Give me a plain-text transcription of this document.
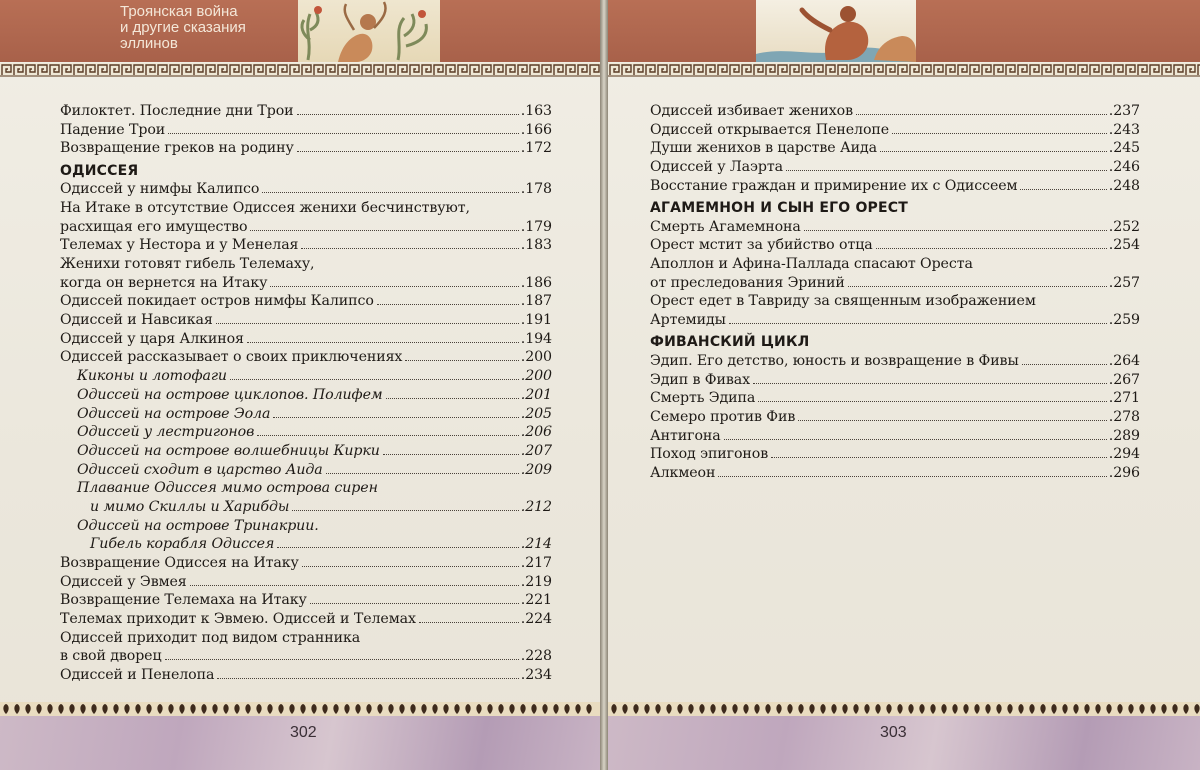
Троянская война
и другие сказания
эллинов

Филоктет. Последние дни Трои	.163
Падение Трои	.166
Возвращение греков на родину	.172
ОДИССЕЯ
Одиссей у нимфы Калипсо	.178
На Итаке в отсутствие Одиссея женихи бесчинствуют,
расхищая его имущество	.179
Телемах у Нестора и у Менелая	.183
Женихи готовят гибель Телемаху,
когда он вернется на Итаку	.186
Одиссей покидает остров нимфы Калипсо	.187
Одиссей и Навсикая	.191
Одиссей у царя Алкиноя	.194
Одиссей рассказывает о своих приключениях	.200
Киконы и лотофаги	.200
Одиссей на острове циклопов. Полифем	.201
Одиссей на острове Эола	.205
Одиссей у лестригонов	.206
Одиссей на острове волшебницы Кирки	.207
Одиссей сходит в царство Аида	.209
Плавание Одиссея мимо острова сирен
и мимо Скиллы и Харибды	.212
Одиссей на острове Тринакрии.
Гибель корабля Одиссея	.214
Возвращение Одиссея на Итаку	.217
Одиссей у Эвмея	.219
Возвращение Телемаха на Итаку	.221
Телемах приходит к Эвмею. Одиссей и Телемах	.224
Одиссей приходит под видом странника
в свой дворец	.228
Одиссей и Пенелопа	.234
302
Одиссей избивает женихов	.237
Одиссей открывается Пенелопе	.243
Души женихов в царстве Аида	.245
Одиссей у Лаэрта	.246
Восстание граждан и примирение их с Одиссеем	.248
АГАМЕМНОН И СЫН ЕГО ОРЕСТ
Смерть Агамемнона	.252
Орест мстит за убийство отца	.254
Аполлон и Афина-Паллада спасают Ореста
от преследования Эриний	.257
Орест едет в Тавриду за священным изображением
Артемиды	.259
ФИВАНСКИЙ ЦИКЛ
Эдип. Его детство, юность и возвращение в Фивы	.264
Эдип в Фивах	.267
Смерть Эдипа	.271
Семеро против Фив	.278
Антигона	.289
Поход эпигонов	.294
Алкмеон	.296
303
